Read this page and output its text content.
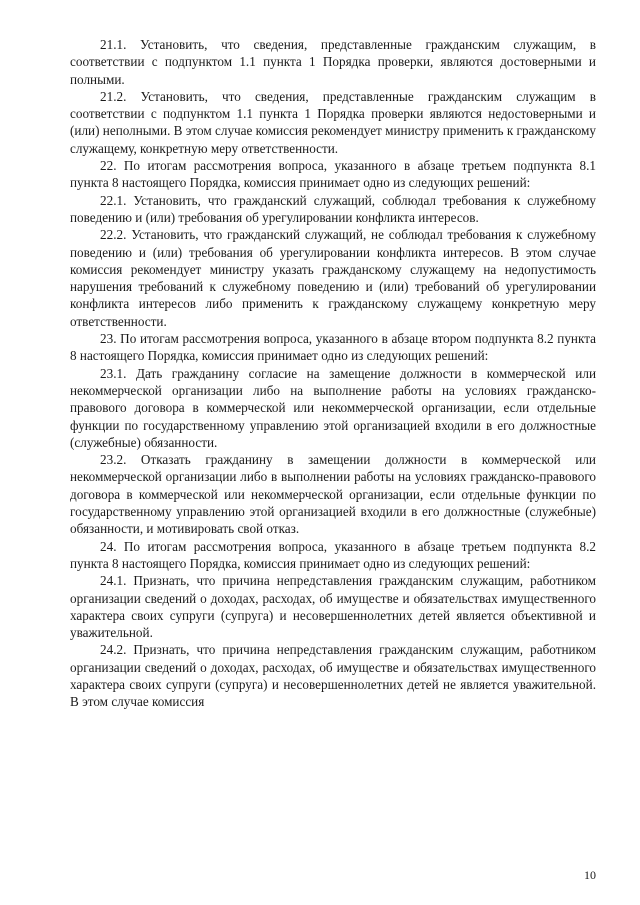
21.1. Установить, что сведения, представленные гражданским служащим, в соответствии с подпунктом 1.1 пункта 1 Порядка проверки, являются достоверными и полными.

21.2. Установить, что сведения, представленные гражданским служащим в соответствии с подпунктом 1.1 пункта 1 Порядка проверки являются недостоверными и (или) неполными. В этом случае комиссия рекомендует министру применить к гражданскому служащему, конкретную меру ответственности.

22. По итогам рассмотрения вопроса, указанного в абзаце третьем подпункта 8.1 пункта 8 настоящего Порядка, комиссия принимает одно из следующих решений:

22.1. Установить, что гражданский служащий, соблюдал требования к служебному поведению и (или) требования об урегулировании конфликта интересов.

22.2. Установить, что гражданский служащий, не соблюдал требования к служебному поведению и (или) требования об урегулировании конфликта интересов. В этом случае комиссия рекомендует министру указать гражданскому служащему на недопустимость нарушения требований к служебному поведению и (или) требований об урегулировании конфликта интересов либо применить к гражданскому служащему конкретную меру ответственности.

23. По итогам рассмотрения вопроса, указанного в абзаце втором подпункта 8.2 пункта 8 настоящего Порядка, комиссия принимает одно из следующих решений:

23.1. Дать гражданину согласие на замещение должности в коммерческой или некоммерческой организации либо на выполнение работы на условиях гражданско-правового договора в коммерческой или некоммерческой организации, если отдельные функции по государственному управлению этой организацией входили в его должностные (служебные) обязанности.

23.2. Отказать гражданину в замещении должности в коммерческой или некоммерческой организации либо в выполнении работы на условиях гражданско-правового договора в коммерческой или некоммерческой организации, если отдельные функции по государственному управлению этой организацией входили в его должностные (служебные) обязанности, и мотивировать свой отказ.

24. По итогам рассмотрения вопроса, указанного в абзаце третьем подпункта 8.2 пункта 8 настоящего Порядка, комиссия принимает одно из следующих решений:

24.1. Признать, что причина непредставления гражданским служащим, работником организации сведений о доходах, расходах, об имуществе и обязательствах имущественного характера своих супруги (супруга) и несовершеннолетних детей является объективной и уважительной.

24.2. Признать, что причина непредставления гражданским служащим, работником организации сведений о доходах, расходах, об имуществе и обязательствах имущественного характера своих супруги (супруга) и несовершеннолетних детей не является уважительной. В этом случае комиссия

10
